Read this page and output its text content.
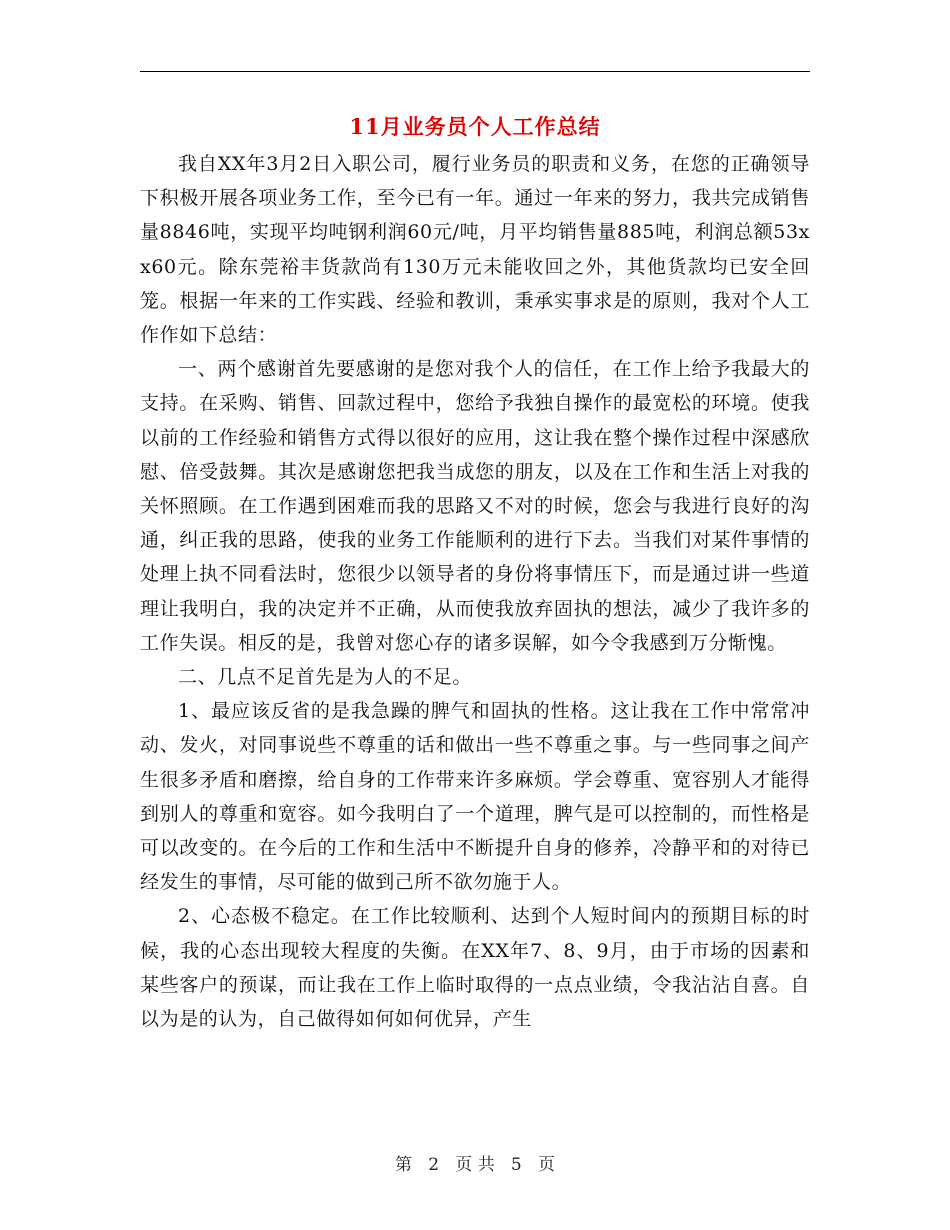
11月业务员个人工作总结

我自XX年3月2日入职公司，履行业务员的职责和义务，在您的正确领导下积极开展各项业务工作，至今已有一年。通过一年来的努力，我共完成销售量8846吨，实现平均吨钢利润60元/吨，月平均销售量885吨，利润总额53xx60元。除东莞裕丰货款尚有130万元未能收回之外，其他货款均已安全回笼。根据一年来的工作实践、经验和教训，秉承实事求是的原则，我对个人工作作如下总结：

一、两个感谢首先要感谢的是您对我个人的信任，在工作上给予我最大的支持。在采购、销售、回款过程中，您给予我独自操作的最宽松的环境。使我以前的工作经验和销售方式得以很好的应用，这让我在整个操作过程中深感欣慰、倍受鼓舞。其次是感谢您把我当成您的朋友，以及在工作和生活上对我的关怀照顾。在工作遇到困难而我的思路又不对的时候，您会与我进行良好的沟通，纠正我的思路，使我的业务工作能顺利的进行下去。当我们对某件事情的处理上执不同看法时，您很少以领导者的身份将事情压下，而是通过讲一些道理让我明白，我的决定并不正确，从而使我放弃固执的想法，减少了我许多的工作失误。相反的是，我曾对您心存的诸多误解，如今令我感到万分惭愧。

二、几点不足首先是为人的不足。

1、最应该反省的是我急躁的脾气和固执的性格。这让我在工作中常常冲动、发火，对同事说些不尊重的话和做出一些不尊重之事。与一些同事之间产生很多矛盾和磨擦，给自身的工作带来许多麻烦。学会尊重、宽容别人才能得到别人的尊重和宽容。如今我明白了一个道理，脾气是可以控制的，而性格是可以改变的。在今后的工作和生活中不断提升自身的修养，冷静平和的对待已经发生的事情，尽可能的做到己所不欲勿施于人。

2、心态极不稳定。在工作比较顺利、达到个人短时间内的预期目标的时候，我的心态出现较大程度的失衡。在XX年7、8、9月，由于市场的因素和某些客户的预谋，而让我在工作上临时取得的一点点业绩，令我沾沾自喜。自以为是的认为，自己做得如何如何优异，产生

第 2 页 共 5 页
